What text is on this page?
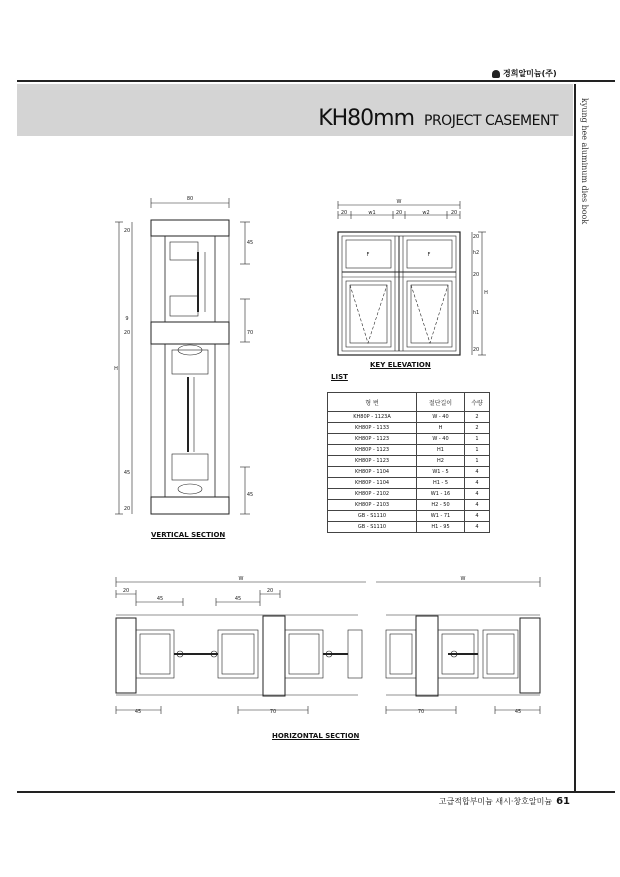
경희알미늄(주)
KH80mm PROJECT CASEMENT	kyung hee aluminum dies book
80
20
45
9
70
H
45
45
20
20
VERTICAL SECTION
W
20	w1	20	w2	20
H
20
h2
20
h1
20
F	F
KEY ELEVATION
LIST
형 번	절단길이	수량
KH80P - 1123A	W - 40	2
KH80P - 1133	H	2
KH80P - 1123	W - 40	1
KH80P - 1123	H1	1
KH80P - 1123	H2	1
KH80P - 1104	W1 - 5	4
KH80P - 1104	H1 - 5	4
KH80P - 2102	W1 - 16	4
KH80P - 2103	H2 - 50	4
GB - S1110	W1 - 71	4
GB - S1110	H1 - 95	4
W	W
20
45	45
20
45	70	70	45
HORIZONTAL SECTION
고급적합부미늄 새시·창호알미늄 61
